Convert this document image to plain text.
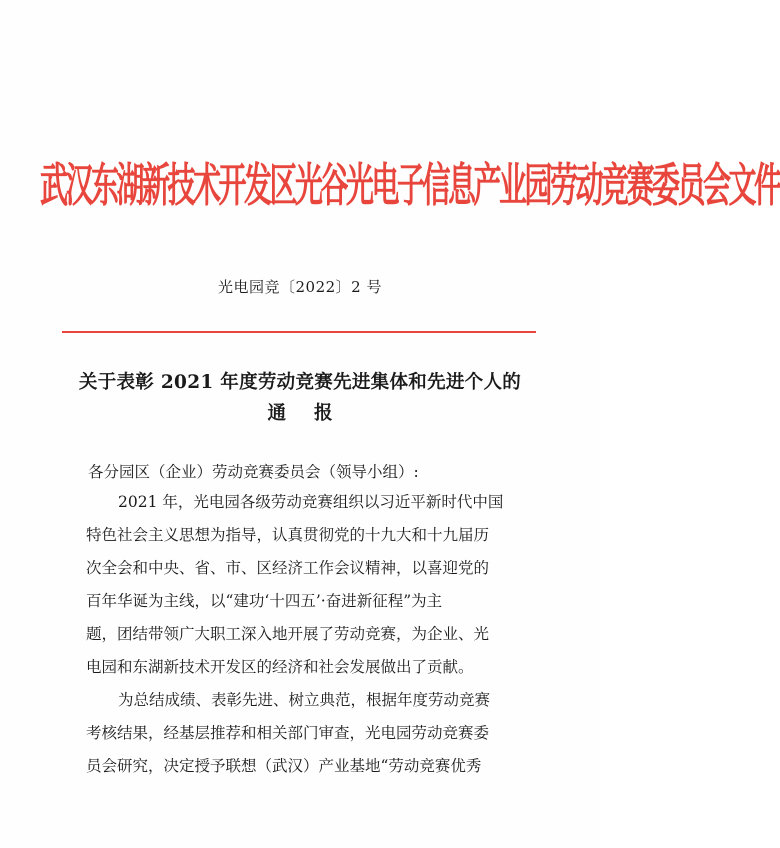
武汉东湖新技术开发区光谷光电子信息产业园劳动竞赛委员会文件
光电园竞〔2022〕2 号
关于表彰 2021 年度劳动竞赛先进集体和先进个人的
通报
各分园区（企业）劳动竞赛委员会（领导小组）:
2021 年，光电园各级劳动竞赛组织以习近平新时代中国
特色社会主义思想为指导，认真贯彻党的十九大和十九届历
次全会和中央、省、市、区经济工作会议精神，以喜迎党的
百年华诞为主线，以“建功‘十四五’·奋进新征程”为主
题，团结带领广大职工深入地开展了劳动竞赛，为企业、光
电园和东湖新技术开发区的经济和社会发展做出了贡献。
为总结成绩、表彰先进、树立典范，根据年度劳动竞赛
考核结果，经基层推荐和相关部门审查，光电园劳动竞赛委
员会研究，决定授予联想（武汉）产业基地“劳动竞赛优秀
